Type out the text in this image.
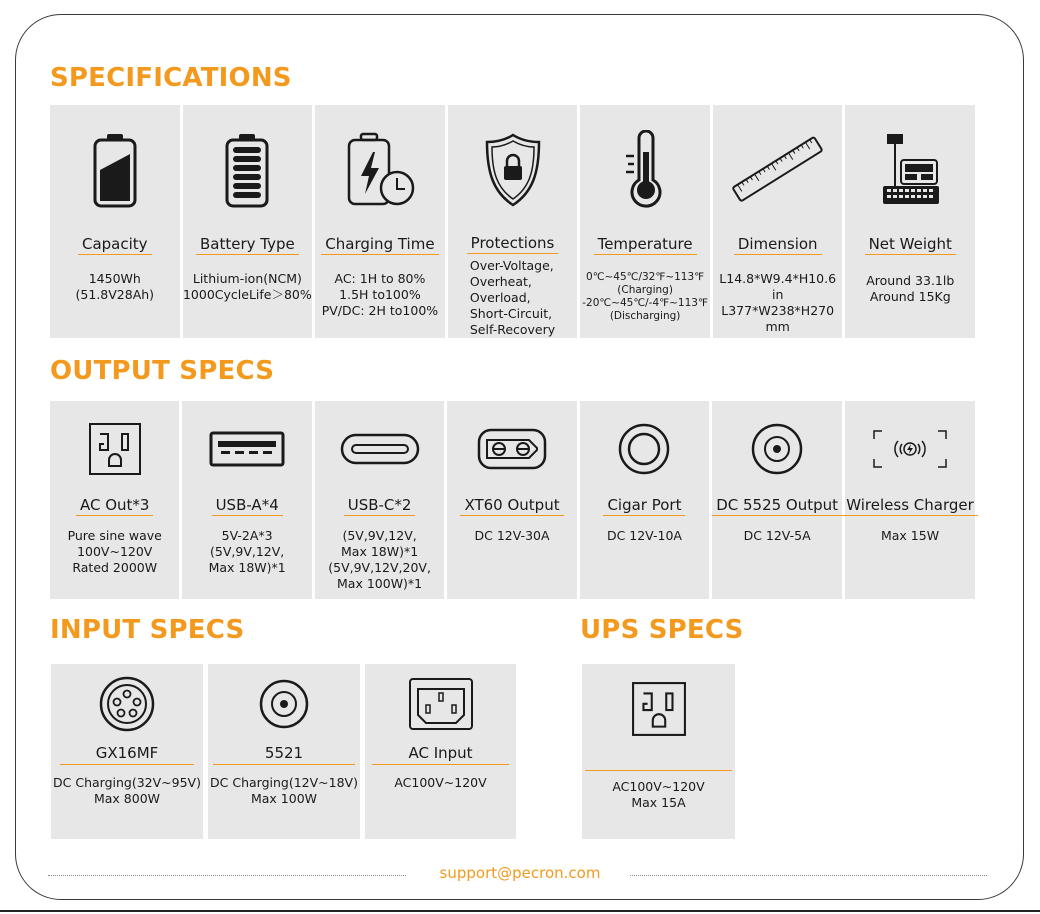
SPECIFICATIONS
Capacity
1450Wh
(51.8V28Ah)
Battery Type
Lithium-ion(NCM)
1000CycleLife＞80%
Charging Time
AC: 1H to 80%
1.5H to100%
PV/DC: 2H to100%
Protections
Over-Voltage,
Overheat,
Overload,
Short-Circuit,
Self-Recovery
Temperature
0℃~45℃/32℉~113℉
(Charging)
-20℃~45℃/-4℉~113℉
(Discharging)
Dimension
L14.8*W9.4*H10.6 in
L377*W238*H270
mm
Net Weight
Around 33.1lb
Around 15Kg
OUTPUT SPECS
AC Out*3
Pure sine wave
100V~120V
Rated 2000W
USB-A*4
5V-2A*3
(5V,9V,12V,
Max 18W)*1
USB-C*2
(5V,9V,12V,
Max 18W)*1
(5V,9V,12V,20V,
Max 100W)*1
XT60 Output
DC 12V-30A
Cigar Port
DC 12V-10A
DC 5525 Output
DC 12V-5A
Wireless Charger
Max 15W
INPUT SPECS
GX16MF
DC Charging(32V~95V)
Max 800W
5521
DC Charging(12V~18V)
Max 100W
AC Input
AC100V~120V
UPS SPECS
AC100V~120V
Max 15A
support@pecron.com
